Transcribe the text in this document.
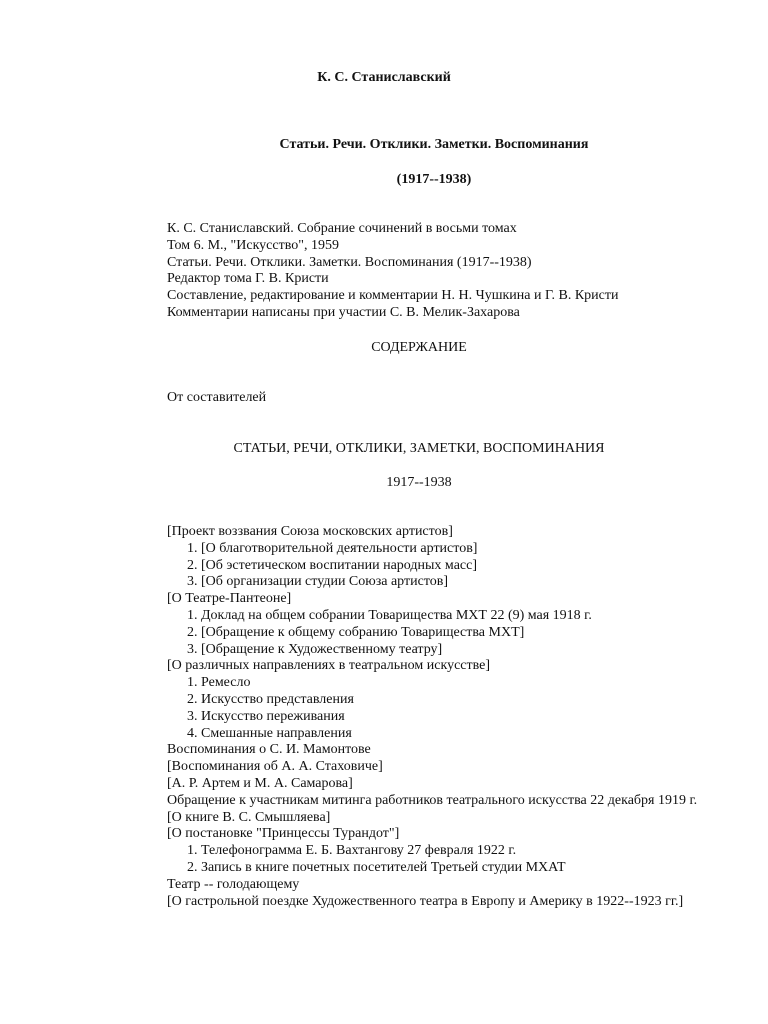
К. С. Станиславский
Статьи. Речи. Отклики. Заметки. Воспоминания
(1917--1938)
К. С. Станиславский. Собрание сочинений в восьми томах
Том 6. М., "Искусство", 1959
Статьи. Речи. Отклики. Заметки. Воспоминания (1917--1938)
Редактор тома Г. В. Кристи
Составление, редактирование и комментарии Н. Н. Чушкина и Г. В. Кристи
Комментарии написаны при участии С. В. Мелик-Захарова
СОДЕРЖАНИЕ
От составителей
СТАТЬИ, РЕЧИ, ОТКЛИКИ, ЗАМЕТКИ, ВОСПОМИНАНИЯ
1917--1938
[Проект воззвания Союза московских артистов]
1. [О благотворительной деятельности артистов]
2. [Об эстетическом воспитании народных масс]
3. [Об организации студии Союза артистов]
[О Театре-Пантеоне]
1. Доклад на общем собрании Товарищества МХТ 22 (9) мая 1918 г.
2. [Обращение к общему собранию Товарищества МХТ]
3. [Обращение к Художественному театру]
[О различных направлениях в театральном искусстве]
1. Ремесло
2. Искусство представления
3. Искусство переживания
4. Смешанные направления
Воспоминания о С. И. Мамонтове
[Воспоминания об А. А. Стаховиче]
[А. Р. Артем и М. А. Самарова]
Обращение к участникам митинга работников театрального искусства 22 декабря 1919 г.
[О книге В. С. Смышляева]
[О постановке "Принцессы Турандот"]
1. Телефонограмма Е. Б. Вахтангову 27 февраля 1922 г.
2. Запись в книге почетных посетителей Третьей студии МХАТ
Театр -- голодающему
[О гастрольной поездке Художественного театра в Европу и Америку в 1922--1923 гг.]
